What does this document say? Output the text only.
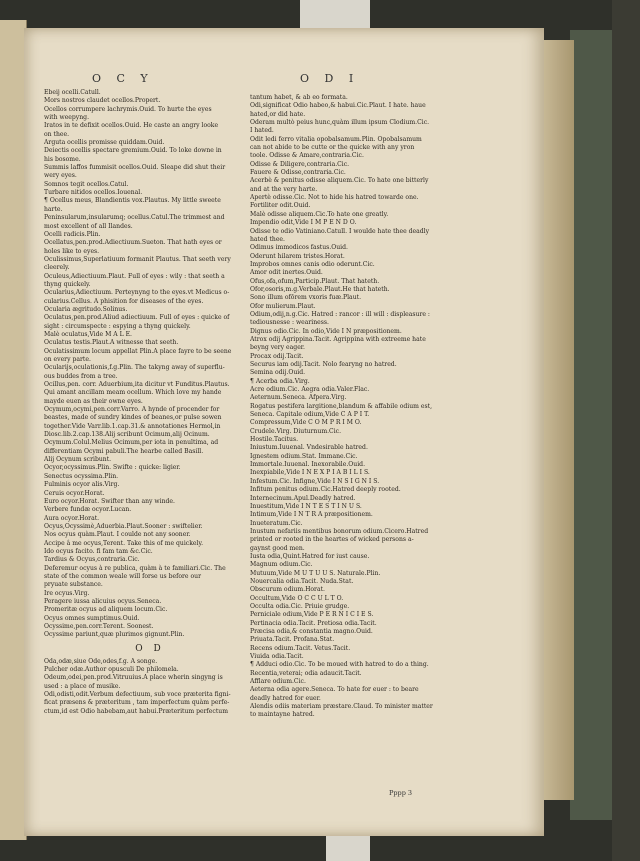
O C Y	O D I
Ebeij ocelli.Catull.
Mors nostros claudet ocellos.Propert.
Ocellos corrumpere lachrymis.Ouid. To hurte the eyes
with weepyng.
Iratos in te defixit ocellos.Ouid. He caste an angry looke
on thee.
Arguta ocellis promisse quiddam.Ouid.
Deiectis ocellis spectare gremium.Ouid. To loke downe in
his bosome.
Summis laffos fummisit ocellos.Ouid. Sleape did shut their
wery eyes.
Somnos tegit ocellos.Catul.
Turbare nitidos ocellos.Iouenal.
¶ Ocellus meus, Blandientis vox.Plautus. My little sweete
harte.
Peninsularum,insularumq; ocellus.Catul.The trimmest and
most excellent of all Ilandes.
Ocelli radicis.Plin.
Ocellatus,pen.prod.Adiectiuum.Sueton. That hath eyes or
holes like to eyes.
Oculissimus,Superlatiuum formanit Plautus. That seeth very
cleerely.
Oculeus,Adiectiuum.Plaut. Full of eyes : wily : that seeth a
thyng quickely.
Ocularius,Adiectiuum. Perteynyng to the eyes.vt Medicus o-
cularius.Cellus. A phisition for diseases of the eyes.
Ocularia ægritudo.Solinus.
Oculatus,pen.prod.Aliud adiectiuum. Full of eyes : quicke of
sight : circumspecte : espying a thyng quickely.
Malè oculatus,Vide M A L E.
Oculatus testis.Plaut.A witnesse that seeth.
Oculatissimum locum appellat Plin.A place fayre to be seene
on every parte.
Ocularijs,oculationis,f.g.Plin. The takyng away of superflu-
ous buddes from a tree.
Ocillus,pen. corr. Aduerbium,ita dicitur vt Funditus.Plautus.
Qui amant ancillam meam ocellum. Which love my hande
mayde euen as their owne eyes.
Ocymum,ocymi,pen.corr.Varro. A hynde of procender for
beastes, made of sundry kindes of beanes,or pulse sowen
together.Vide Varr.lib.1.cap.31.& annotationes Hermol,in
Diosc.lib.2.cap.138.Alij scribunt Ocimum,alij Ocinum.
Ocymum.Colul.Melius Ocimum,per iota in penultima, ad
differentiam Ocymi pabuli.The hearbe called Basill.
Alij Ocynum scribunt.
Ocyor,ocyssimus.Plin. Swifte : quicke: ligier.
Senectus ocyssima.Plin.
Fulminis ocyor alis.Virg.
Ceruis ocyor.Horat.
Euro ocyor.Horat. Swifter than any winde.
Verbere fundæ ocyor.Lucan.
Aura ocyor.Horat.
Ocyus,Ocyssimè,Aduerbia.Plaut.Sooner : swiftelier.
Nos ocyus quàm.Plaut. I coulde not any sooner.
Accipe â me ocyus,Terent. Take this of me quickely.
Ido ocyus facito. fi fam tam &c.Cic.
Tardius & Ocyus,contraria.Cic.
Deferemur ocyus à re publica, quàm à te familiari.Cic. The
state of the common weale will forse us before our
pryuate substance.
Ire ocyus.Virg.
Peragere iussa alicuius ocyus.Seneca.
Promeritæ ocyus ad aliquem locum.Cic.
Ocyus omnes sumptimus.Ouid.
Ocyssime,pen.corr.Terent. Soonest.
Ocyssime pariunt,quæ plurimos gignunt.Plin.
O D
Oda,odæ,siue Ode,odes,f.g. A songe.
Pulcher odæ.Author opusculi De philomela.
Odeum,odei,pen.prod.Vitruuius.A place wherin singyng is
used : a place of musike.
Odi,odisti,odit.Verbum defectiuum, sub voce præterita figni-
ficat præsens & præteritum , tam imperfectum quàm perfe-
ctum,id est Odio habebam,aut habui.Præteritum perfectum
tantum habet, & ab eo formata.
Odi,significat Odio habeo,& habui.Cic.Plaut. I hate. haue
hated,or did hate.
Oderam multò peius hunc,quàm illum ipsum Clodium.Cic.
I hated.
Odit ledi ferro vitalia opobalsamum.Plin. Opobalsamum
can not abide to be cutte or the quicke with any yron
toole. Odisse & Amare,contraria.Cic.
Odisse & Diligere,contraria.Cic.
Fauere & Odisse,contraria.Cic.
Acerbè & penitus odisse aliquem.Cic. To hate one bitterly
and at the very harte.
Apertè odisse.Cic. Not to hide his hatred towarde one.
Fortiliter odit.Ouid.
Malè odisse aliquem.Cic.To hate one greatly.
Impendio odit,Vide I M P E N D O.
Odisse te odio Vatiniano.Catull. I woulde hate thee deadly
hated thee.
Odimus immodicos fastus.Ouid.
Oderunt hilarem tristes.Horat.
Improbos omnes canis odio oderunt.Cic.
Amor odit inertes.Ouid.
Ofus,ofa,ofum,Particip.Plaut. That hateth.
Ofor,osoris,m.g.Verbale.Plaut.He that hateth.
Sono illum ofōrem vxoris fuæ.Plaut.
Ofor mulierum.Plaut.
Odium,odij,n.g.Cic. Hatred : rancor : ill will : displeasure :
tediousnesse : weariness.
Dignus odio.Cic. In odio,Vide I N præpositionem.
Atrox odij Agrippina.Tacit. Agrippina with extreeme hate
beyng very eager.
Procax odij.Tacit.
Securus iam odij.Tacit. Nolo fearyng no hatred.
Semina odij.Ouid.
¶ Acerba odia.Virg.
Acre odium.Cic. Aegra odia.Valer.Flac.
Aeternum.Seneca. Afpera.Virg.
Rogatus pestifera largitione,blandum & affabile odium est,
Seneca. Capitale odium,Vide C A P I T.
Compressum,Vide C O M P R I M O.
Crudele.Virg. Diuturnum.Cic.
Hostile.Tacitus.
Iniustum.Iuuenal. Vndesirable hatred.
Ignestem odium.Stat. Immane.Cic.
Immortale.Iuuenal. Inexorabile.Ouid.
Inexpiabile,Vide I N E X P I A B I L I S.
Infestum.Cic. Infigne,Vide I N S I G N I S.
Infitum penitus odium.Cic.Hatred deeply rooted.
Internecinum.Apul.Deadly hatred.
Inuestitum,Vide I N T E S T I N U S.
Intimum,Vide I N T R A præpositionem.
Inueteratum.Cic.
Inustum nefariis mentibus bonorum odium.Cicero.Hatred
printed or rooted in the heartes of wicked persons a-
gaynst good men.
Iusta odia,Quint.Hatred for iust cause.
Magnum odium.Cic.
Mutuum,Vide M U T U U S. Naturale.Plin.
Nouercalia odia.Tacit. Nuda.Stat.
Obscurum odium.Horat.
Occultum,Vide O C C U L T O.
Occulta odia.Cic. Priuie grudge.
Perniciale odium,Vide P E R N I C I E S.
Pertinacia odia.Tacit. Pretiosa odia.Tacit.
Præcisa odia,& constantia magno.Ouid.
Priuata.Tacit. Profana.Stat.
Recens odium.Tacit. Vetus.Tacit.
Viuida odia.Tacit.
¶ Adduci odio.Cic. To be moued with hatred to do a thing.
Recentia,veterai; odia adaucit.Tacit.
Afflare odium.Cic.
Aeterna odia agere.Seneca. To hate for euer : to beare
deadly hatred for euer.
Alendis odiis materiam præstare.Claud. To minister matter
to maintayne hatred.
Pppp 3
